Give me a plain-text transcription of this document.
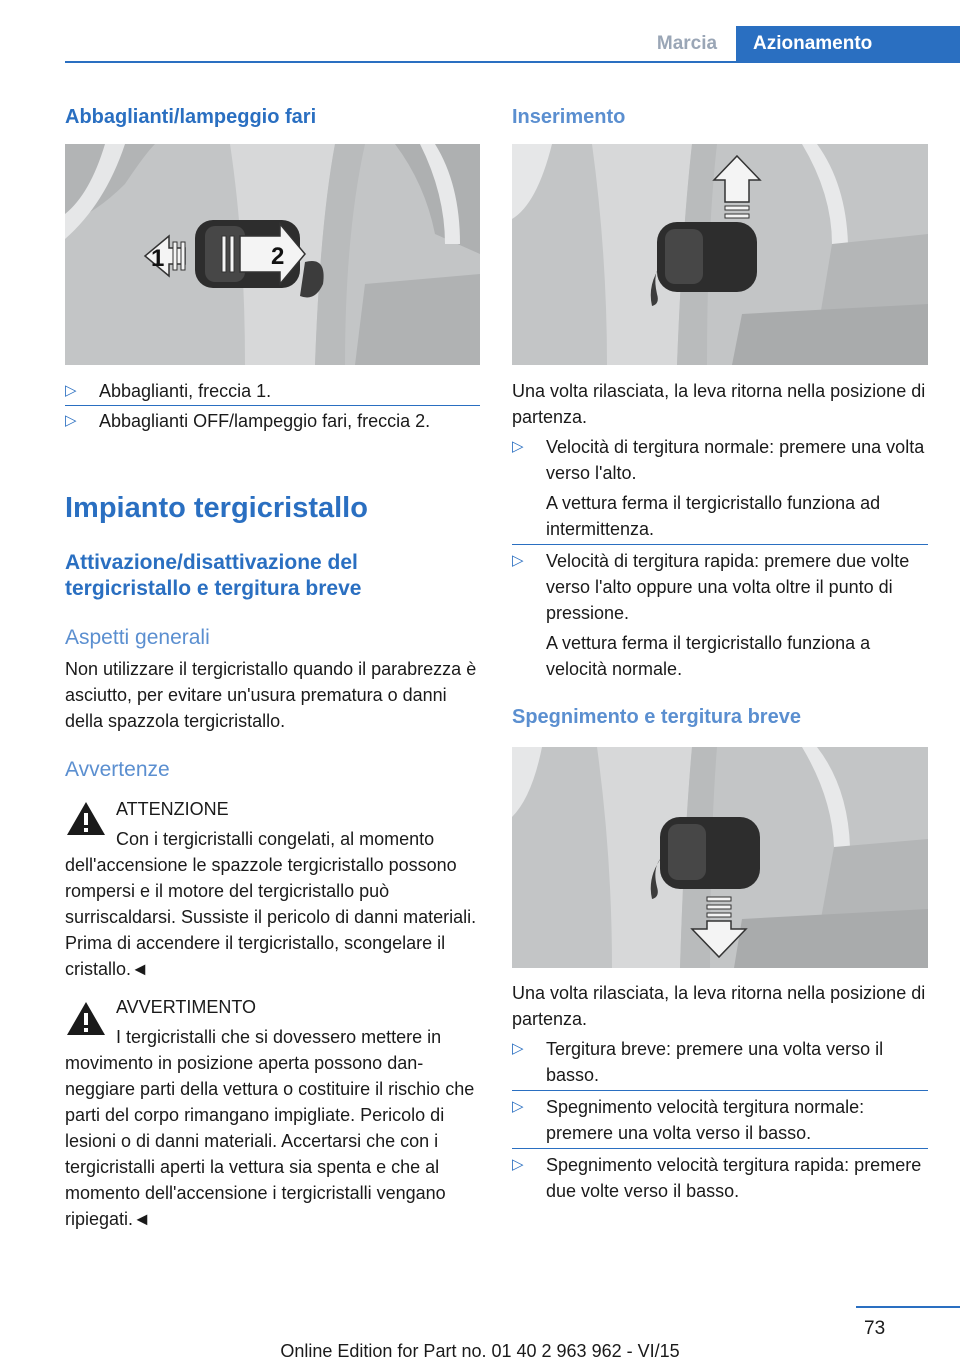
Marcia	Azionamento
Abbaglianti/lampeggio fari
1	2
▷	Abbaglianti, freccia 1.
▷	Abbaglianti OFF/lampeggio fari, freccia 2.
Impianto tergicristallo
Attivazione/disattivazione del tergicristallo e tergitura breve
Aspetti generali
Non utilizzare il tergicristallo quando il parabrezza è asciutto, per evitare un'usura prematura o danni della spazzola tergicristallo.
Avvertenze
ATTENZIONE
Con i tergicristalli congelati, al momento
dell'accensione le spazzole tergicristallo possono rompersi e il motore del tergicristallo può surriscaldarsi. Sussiste il pericolo di danni materiali. Prima di accendere il tergicristallo, scongelare il cristallo.◄
AVVERTIMENTO
I tergicristalli che si dovessero mettere in
movimento in posizione aperta possono danneggiare parti della vettura o costituire il rischio che parti del corpo rimangano impigliate. Pericolo di lesioni o di danni materiali. Accertarsi che con i tergicristalli aperti la vettura sia spenta e che al momento dell'accensione i tergicristalli vengano ripiegati.◄
Inserimento
Una volta rilasciata, la leva ritorna nella posizione di partenza.
▷	Velocità di tergitura normale: premere una volta verso l'alto.
A vettura ferma il tergicristallo funziona ad intermittenza.
▷	Velocità di tergitura rapida: premere due volte verso l'alto oppure una volta oltre il punto di pressione.
A vettura ferma il tergicristallo funziona a velocità normale.
Spegnimento e tergitura breve
Una volta rilasciata, la leva ritorna nella posizione di partenza.
▷	Tergitura breve: premere una volta verso il basso.
▷	Spegnimento velocità tergitura normale: premere una volta verso il basso.
▷	Spegnimento velocità tergitura rapida: premere due volte verso il basso.
73
Online Edition for Part no. 01 40 2 963 962 - VI/15
